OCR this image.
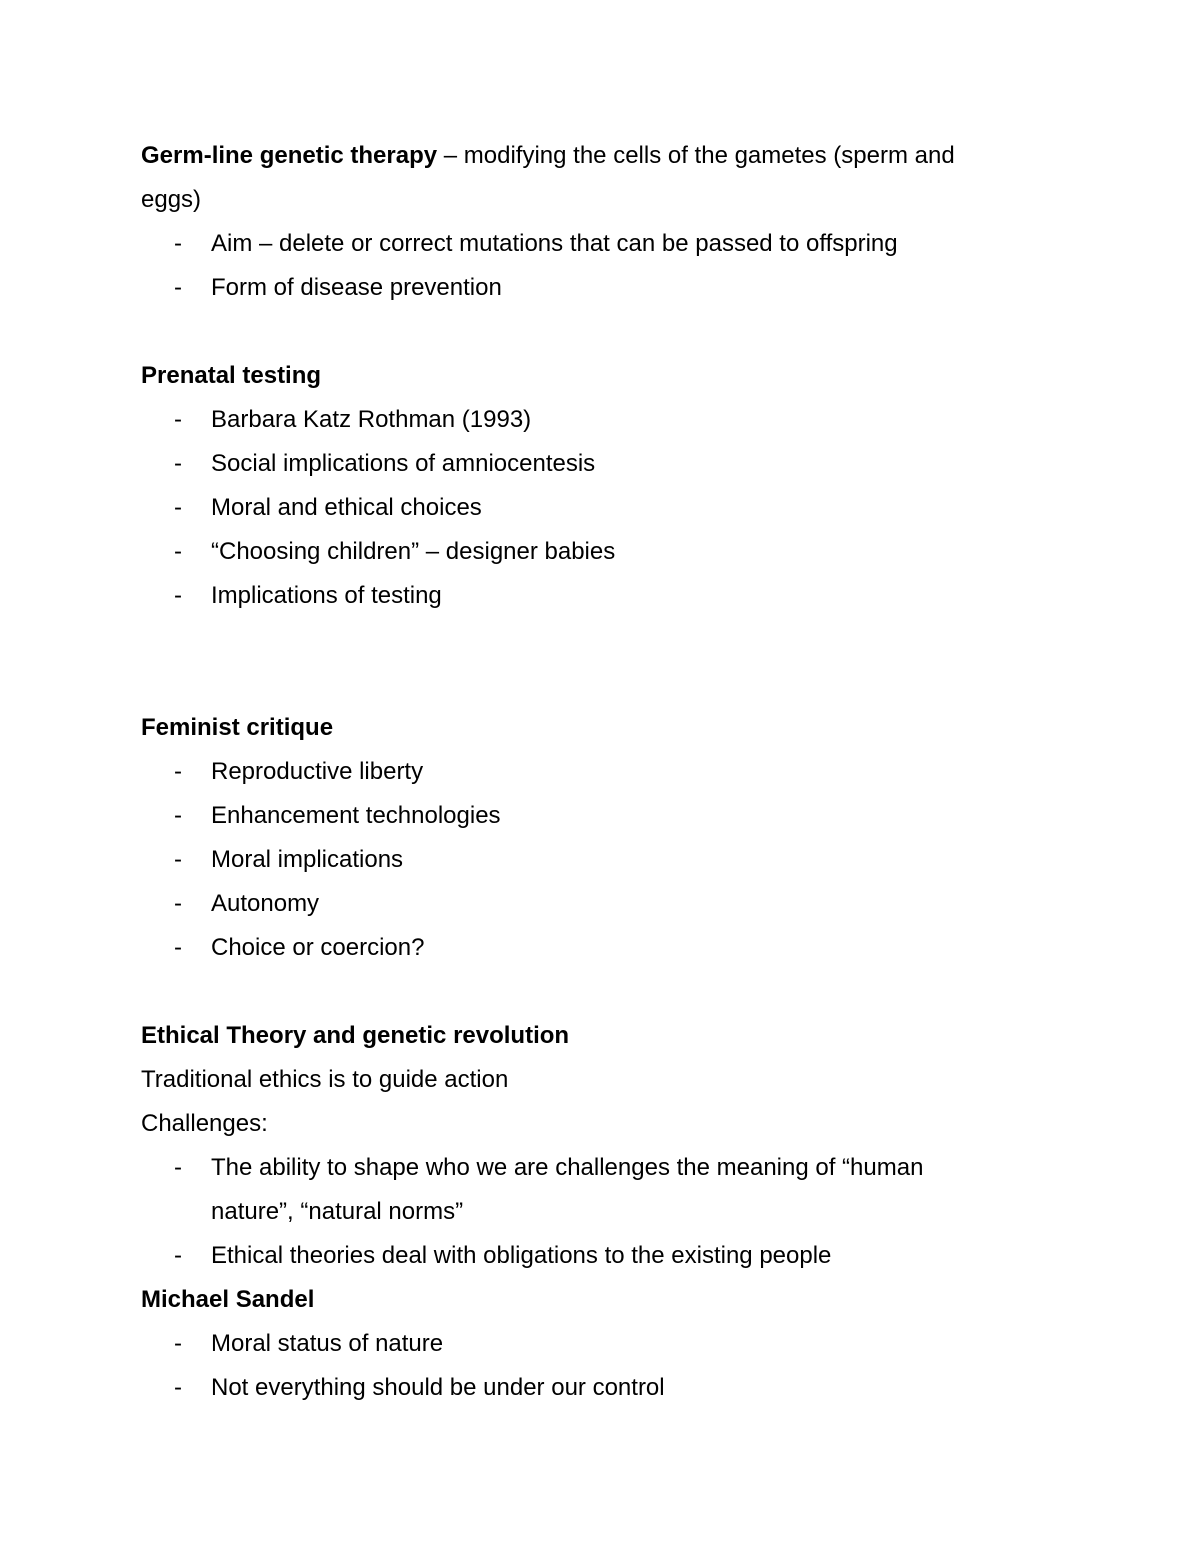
Germ-line genetic therapy – modifying the cells of the gametes (sperm and
eggs)
- Aim – delete or correct mutations that can be passed to offspring
- Form of disease prevention
Prenatal testing
- Barbara Katz Rothman (1993)
- Social implications of amniocentesis
- Moral and ethical choices
- “Choosing children” – designer babies
- Implications of testing
Feminist critique
- Reproductive liberty
- Enhancement technologies
- Moral implications
- Autonomy
- Choice or coercion?
Ethical Theory and genetic revolution
Traditional ethics is to guide action
Challenges:
- The ability to shape who we are challenges the meaning of “human
nature”, “natural norms”
- Ethical theories deal with obligations to the existing people
Michael Sandel
- Moral status of nature
- Not everything should be under our control
